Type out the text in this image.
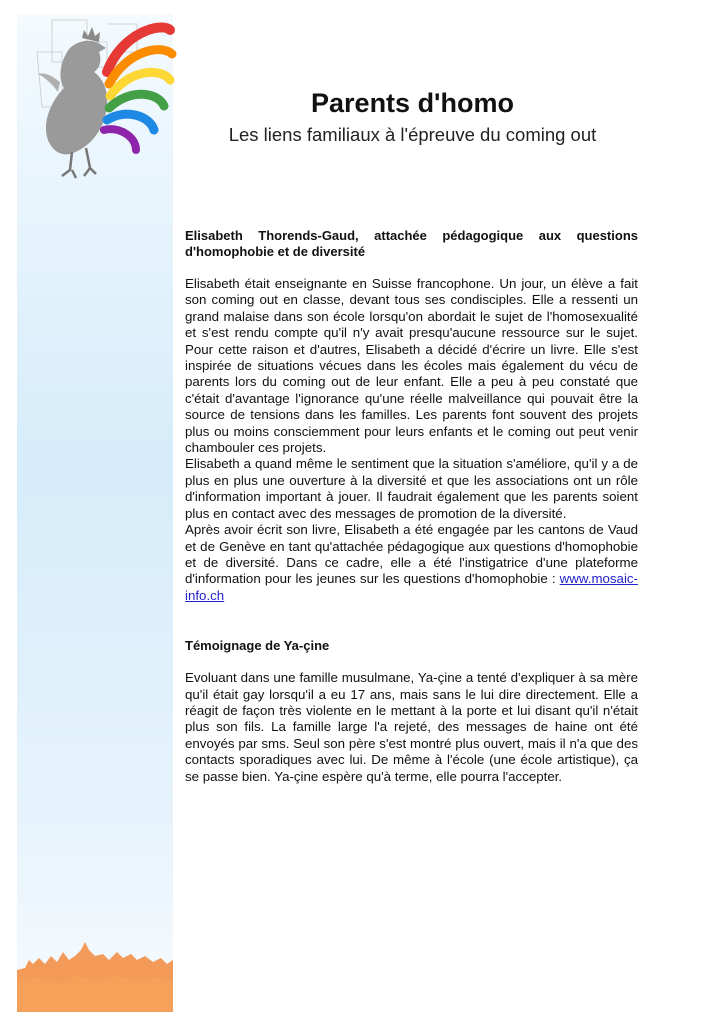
Parents d'homo
Les liens familiaux à l'épreuve du coming out
Elisabeth Thorends-Gaud, attachée pédagogique aux questions d'homophobie et de diversité

Elisabeth était enseignante en Suisse francophone. Un jour, un élève a fait son coming out en classe, devant tous ses condisciples. Elle a ressenti un grand malaise dans son école lorsqu'on abordait le sujet de l'homosexualité et s'est rendu compte qu'il n'y avait presqu'aucune ressource sur le sujet. Pour cette raison et d'autres, Elisabeth a décidé d'écrire un livre. Elle s'est inspirée de situations vécues dans les écoles mais également du vécu de parents lors du coming out de leur enfant. Elle a peu à peu constaté que c'était d'avantage l'ignorance qu'une réelle malveillance qui pouvait être la source de tensions dans les familles. Les parents font souvent des projets plus ou moins consciemment pour leurs enfants et le coming out peut venir chambouler ces projets.

Elisabeth a quand même le sentiment que la situation s'améliore, qu'il y a de plus en plus une ouverture à la diversité et que les associations ont un rôle d'information important à jouer. Il faudrait également que les parents soient plus en contact avec des messages de promotion de la diversité.

Après avoir écrit son livre, Elisabeth a été engagée par les cantons de Vaud et de Genève en tant qu'attachée pédagogique aux questions d'homophobie et de diversité. Dans ce cadre, elle a été l'instigatrice d'une plateforme d'information pour les jeunes sur les questions d'homophobie : www.mosaic-info.ch

Témoignage de Ya-çine

Evoluant dans une famille musulmane, Ya-çine a tenté d'expliquer à sa mère qu'il était gay lorsqu'il a eu 17 ans, mais sans le lui dire directement. Elle a réagit de façon très violente en le mettant à la porte et lui disant qu'il n'était plus son fils. La famille large l'a rejeté, des messages de haine ont été envoyés par sms. Seul son père s'est montré plus ouvert, mais il n'a que des contacts sporadiques avec lui. De même à l'école (une école artistique), ça se passe bien. Ya-çine espère qu'à terme, elle pourra l'accepter.
